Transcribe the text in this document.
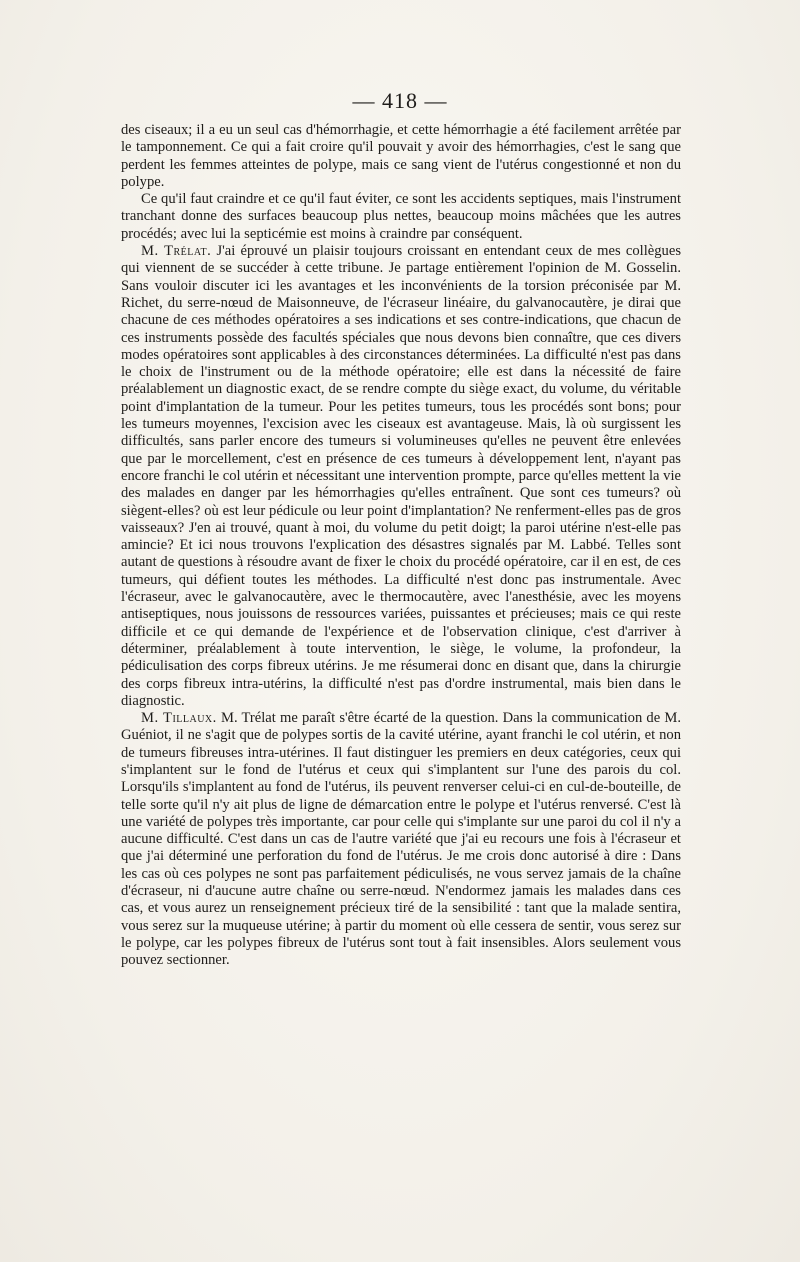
— 418 —

des ciseaux; il a eu un seul cas d'hémorrhagie, et cette hémorrhagie a été facilement arrêtée par le tamponnement. Ce qui a fait croire qu'il pouvait y avoir des hémorrhagies, c'est le sang que perdent les femmes atteintes de polype, mais ce sang vient de l'utérus congestionné et non du polype.

Ce qu'il faut craindre et ce qu'il faut éviter, ce sont les accidents septiques, mais l'instrument tranchant donne des surfaces beaucoup plus nettes, beaucoup moins mâchées que les autres procédés; avec lui la septicémie est moins à craindre par conséquent.

M. Trélat. J'ai éprouvé un plaisir toujours croissant en entendant ceux de mes collègues qui viennent de se succéder à cette tribune. Je partage entièrement l'opinion de M. Gosselin. Sans vouloir discuter ici les avantages et les inconvénients de la torsion préconisée par M. Richet, du serre-nœud de Maisonneuve, de l'écraseur linéaire, du galvanocautère, je dirai que chacune de ces méthodes opératoires a ses indications et ses contre-indications, que chacun de ces instruments possède des facultés spéciales que nous devons bien connaître, que ces divers modes opératoires sont applicables à des circonstances déterminées. La difficulté n'est pas dans le choix de l'instrument ou de la méthode opératoire; elle est dans la nécessité de faire préalablement un diagnostic exact, de se rendre compte du siège exact, du volume, du véritable point d'implantation de la tumeur. Pour les petites tumeurs, tous les procédés sont bons; pour les tumeurs moyennes, l'excision avec les ciseaux est avantageuse. Mais, là où surgissent les difficultés, sans parler encore des tumeurs si volumineuses qu'elles ne peuvent être enlevées que par le morcellement, c'est en présence de ces tumeurs à développement lent, n'ayant pas encore franchi le col utérin et nécessitant une intervention prompte, parce qu'elles mettent la vie des malades en danger par les hémorrhagies qu'elles entraînent. Que sont ces tumeurs? où siègent-elles? où est leur pédicule ou leur point d'implantation? Ne renferment-elles pas de gros vaisseaux? J'en ai trouvé, quant à moi, du volume du petit doigt; la paroi utérine n'est-elle pas amincie? Et ici nous trouvons l'explication des désastres signalés par M. Labbé. Telles sont autant de questions à résoudre avant de fixer le choix du procédé opératoire, car il en est, de ces tumeurs, qui défient toutes les méthodes. La difficulté n'est donc pas instrumentale. Avec l'écraseur, avec le galvanocautère, avec le thermocautère, avec l'anesthésie, avec les moyens antiseptiques, nous jouissons de ressources variées, puissantes et précieuses; mais ce qui reste difficile et ce qui demande de l'expérience et de l'observation clinique, c'est d'arriver à déterminer, préalablement à toute intervention, le siège, le volume, la profondeur, la pédiculisation des corps fibreux utérins. Je me résumerai donc en disant que, dans la chirurgie des corps fibreux intra-utérins, la difficulté n'est pas d'ordre instrumental, mais bien dans le diagnostic.

M. Tillaux. M. Trélat me paraît s'être écarté de la question. Dans la communication de M. Guéniot, il ne s'agit que de polypes sortis de la cavité utérine, ayant franchi le col utérin, et non de tumeurs fibreuses intra-utérines. Il faut distinguer les premiers en deux catégories, ceux qui s'implantent sur le fond de l'utérus et ceux qui s'implantent sur l'une des parois du col. Lorsqu'ils s'implantent au fond de l'utérus, ils peuvent renverser celui-ci en cul-de-bouteille, de telle sorte qu'il n'y ait plus de ligne de démarcation entre le polype et l'utérus renversé. C'est là une variété de polypes très importante, car pour celle qui s'implante sur une paroi du col il n'y a aucune difficulté. C'est dans un cas de l'autre variété que j'ai eu recours une fois à l'écraseur et que j'ai déterminé une perforation du fond de l'utérus. Je me crois donc autorisé à dire : Dans les cas où ces polypes ne sont pas parfaitement pédiculisés, ne vous servez jamais de la chaîne d'écraseur, ni d'aucune autre chaîne ou serre-nœud. N'endormez jamais les malades dans ces cas, et vous aurez un renseignement précieux tiré de la sensibilité : tant que la malade sentira, vous serez sur la muqueuse utérine; à partir du moment où elle cessera de sentir, vous serez sur le polype, car les polypes fibreux de l'utérus sont tout à fait insensibles. Alors seulement vous pouvez sectionner.
